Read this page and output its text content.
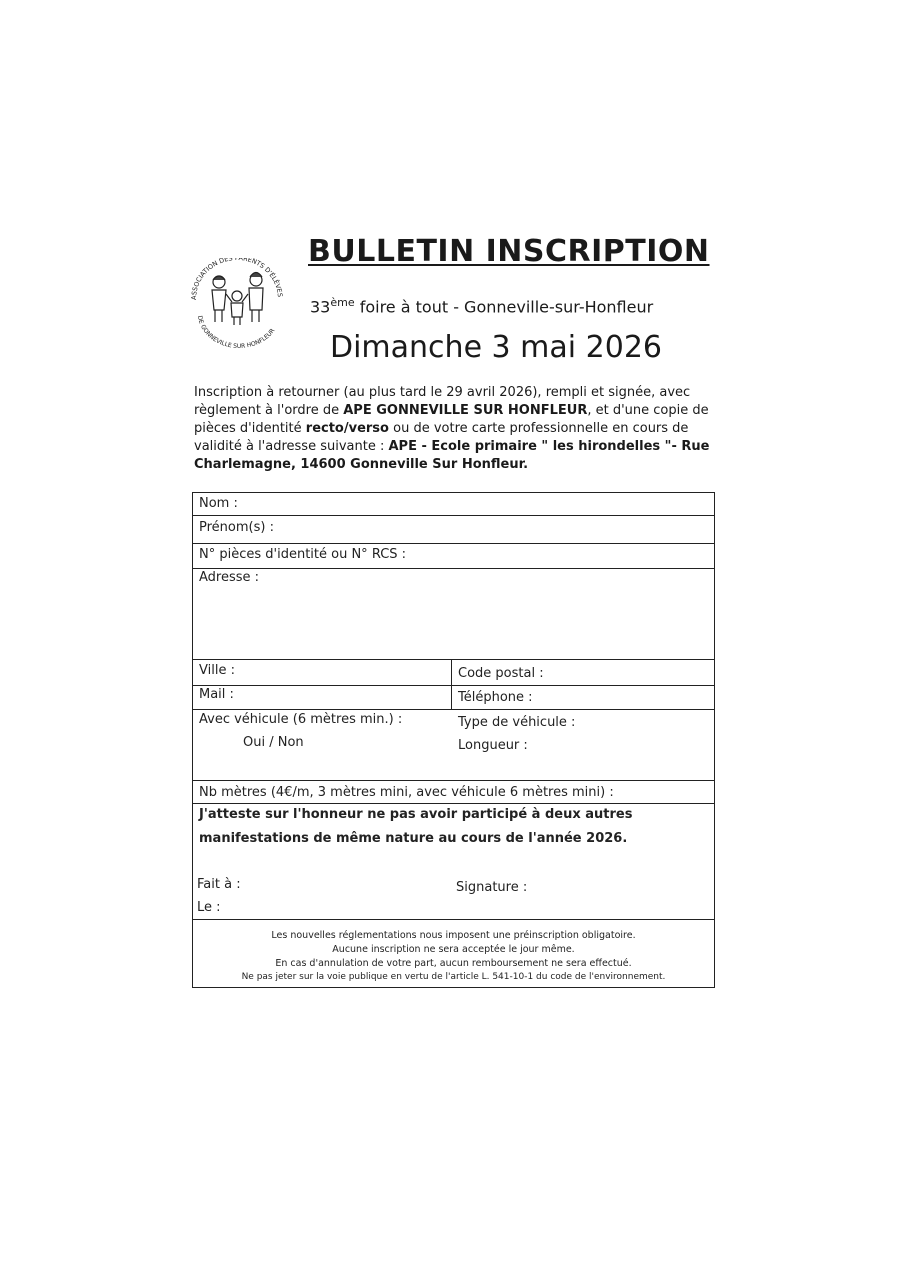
ASSOCIATION DES PARENTS D'ÉLÈVES
DE GONNEVILLE SUR HONFLEUR
BULLETIN INSCRIPTION
33ème foire à tout - Gonneville-sur-Honfleur
Dimanche 3 mai 2026
Inscription à retourner (au plus tard le 29 avril 2026), rempli et signée, avec règlement à l'ordre de APE GONNEVILLE SUR HONFLEUR, et d'une copie de pièces d'identité recto/verso ou de votre carte professionnelle en cours de validité à l'adresse suivante : APE - Ecole primaire " les hirondelles "- Rue Charlemagne, 14600 Gonneville Sur Honfleur.
Nom :
Prénom(s) :
N° pièces d'identité ou N° RCS :
Adresse :
Ville :	Code postal :
Mail :	Téléphone :
Avec véhicule (6 mètres min.) :
Oui / Non
Type de véhicule :
Longueur :
Nb mètres (4€/m, 3 mètres mini, avec véhicule 6 mètres mini) :
J'atteste sur l'honneur ne pas avoir participé à deux autres
manifestations de même nature au cours de l'année 2026.
Fait à :	Signature :
Le :
Les nouvelles réglementations nous imposent une préinscription obligatoire.
Aucune inscription ne sera acceptée le jour même.
En cas d'annulation de votre part, aucun remboursement ne sera effectué.
Ne pas jeter sur la voie publique en vertu de l'article L. 541-10-1 du code de l'environnement.
